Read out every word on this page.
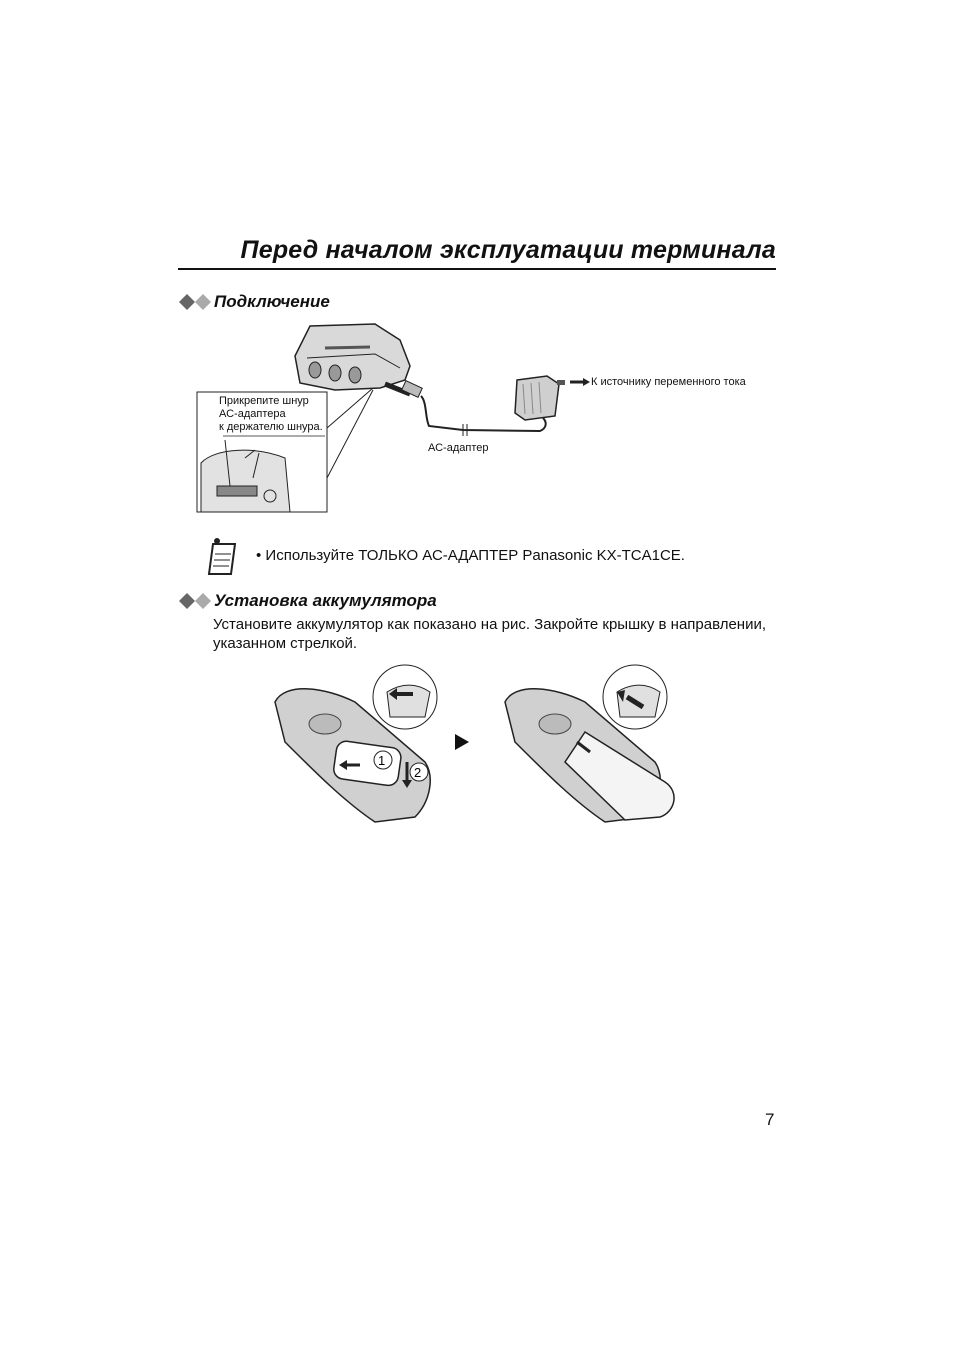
Перед началом эксплуатации терминала
Подключение
Прикрепите шнур
АС-адаптера
к держателю шнура.
АС-адаптер
К источнику переменного тока
• Используйте ТОЛЬКО АС-АДАПТЕР Panasonic KX-TCA1CE.
Установка аккумулятора
Установите аккумулятор как показано на рис. Закройте крышку в направлении, указанном стрелкой.
1
2
7
